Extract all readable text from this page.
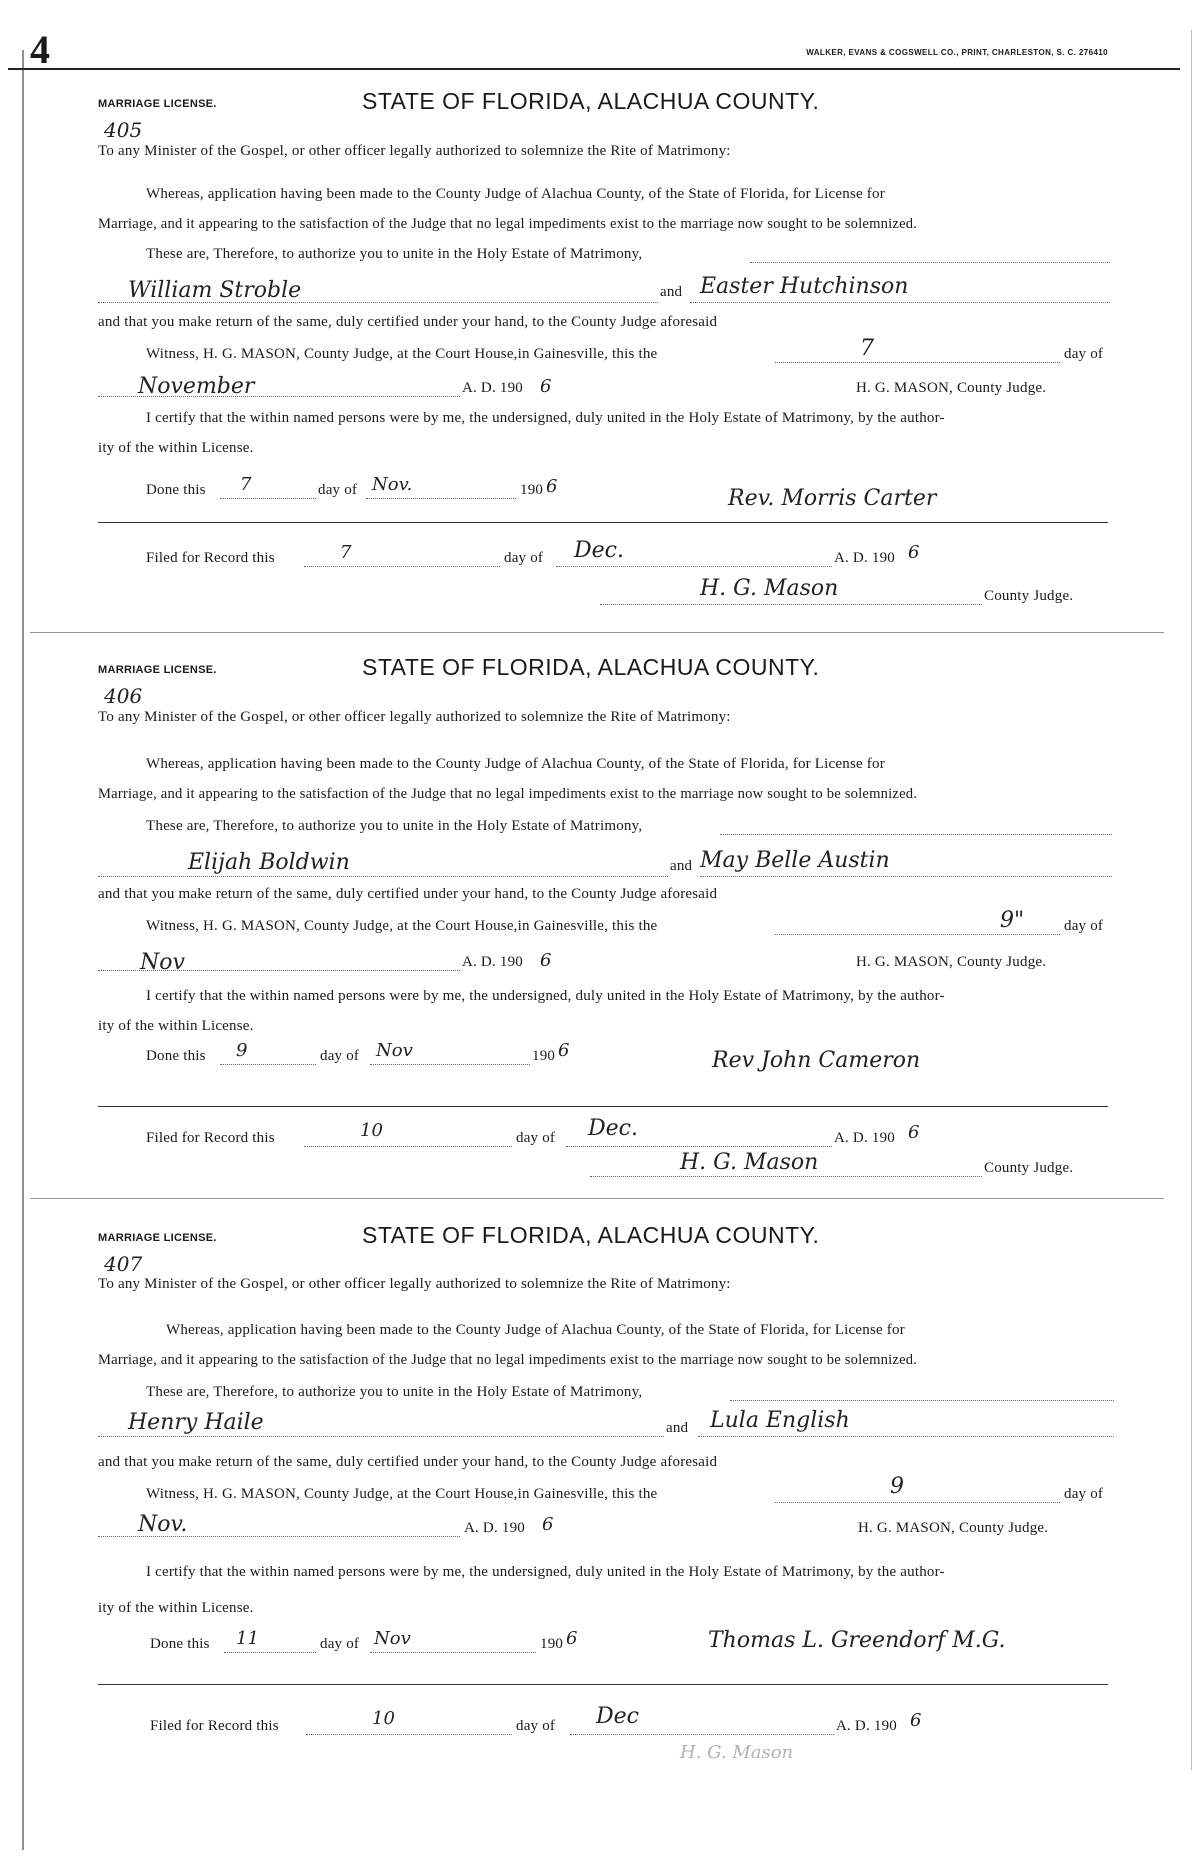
4	WALKER, EVANS & COGSWELL CO., PRINT, CHARLESTON, S. C. 276410
MARRIAGE LICENSE.	STATE OF FLORIDA, ALACHUA COUNTY.
405
To any Minister of the Gospel, or other officer legally authorized to solemnize the Rite of Matrimony:
Whereas, application having been made to the County Judge of Alachua County, of the State of Florida, for License for
Marriage, and it appearing to the satisfaction of the Judge that no legal impediments exist to the marriage now sought to be solemnized.
These are, Therefore, to authorize you to unite in the Holy Estate of Matrimony,
William Stroble	and Easter Hutchinson
and that you make return of the same, duly certified under your hand, to the County Judge aforesaid
Witness, H. G. MASON, County Judge, at the Court House,in Gainesville, this the	7	day of
November	A. D. 190 6	H. G. MASON, County Judge.
I certify that the within named persons were by me, the undersigned, duly united in the Holy Estate of Matrimony, by the author-
ity of the within License.
Done this 7	day of Nov.	190 6	Rev. Morris Carter
Filed for Record this	7	day of Dec.	A. D. 190 6
H. G. Mason	County Judge.
MARRIAGE LICENSE.	STATE OF FLORIDA, ALACHUA COUNTY.
406
To any Minister of the Gospel, or other officer legally authorized to solemnize the Rite of Matrimony:
Whereas, application having been made to the County Judge of Alachua County, of the State of Florida, for License for
Marriage, and it appearing to the satisfaction of the Judge that no legal impediments exist to the marriage now sought to be solemnized.
These are, Therefore, to authorize you to unite in the Holy Estate of Matrimony,
Elijah Boldwin	and May Belle Austin
and that you make return of the same, duly certified under your hand, to the County Judge aforesaid
Witness, H. G. MASON, County Judge, at the Court House,in Gainesville, this the	9"	day of
Nov	A. D. 190 6	H. G. MASON, County Judge.
I certify that the within named persons were by me, the undersigned, duly united in the Holy Estate of Matrimony, by the author-
ity of the within License.
Done this 9	day of Nov	190 6	Rev John Cameron
Filed for Record this	10	day of Dec.	A. D. 190 6
H. G. Mason	County Judge.
MARRIAGE LICENSE.	STATE OF FLORIDA, ALACHUA COUNTY.
407
To any Minister of the Gospel, or other officer legally authorized to solemnize the Rite of Matrimony:
Whereas, application having been made to the County Judge of Alachua County, of the State of Florida, for License for
Marriage, and it appearing to the satisfaction of the Judge that no legal impediments exist to the marriage now sought to be solemnized.
These are, Therefore, to authorize you to unite in the Holy Estate of Matrimony,
Henry Haile	and Lula English
and that you make return of the same, duly certified under your hand, to the County Judge aforesaid
Witness, H. G. MASON, County Judge, at the Court House,in Gainesville, this the	9	day of
Nov.	A. D. 190 6	H. G. MASON, County Judge.
I certify that the within named persons were by me, the undersigned, duly united in the Holy Estate of Matrimony, by the author-
ity of the within License.
Done this 11	day of Nov	190 6	Thomas L. Greendorf M.G.
Filed for Record this	10	day of Dec	A. D. 190 6
H. G. Mason
